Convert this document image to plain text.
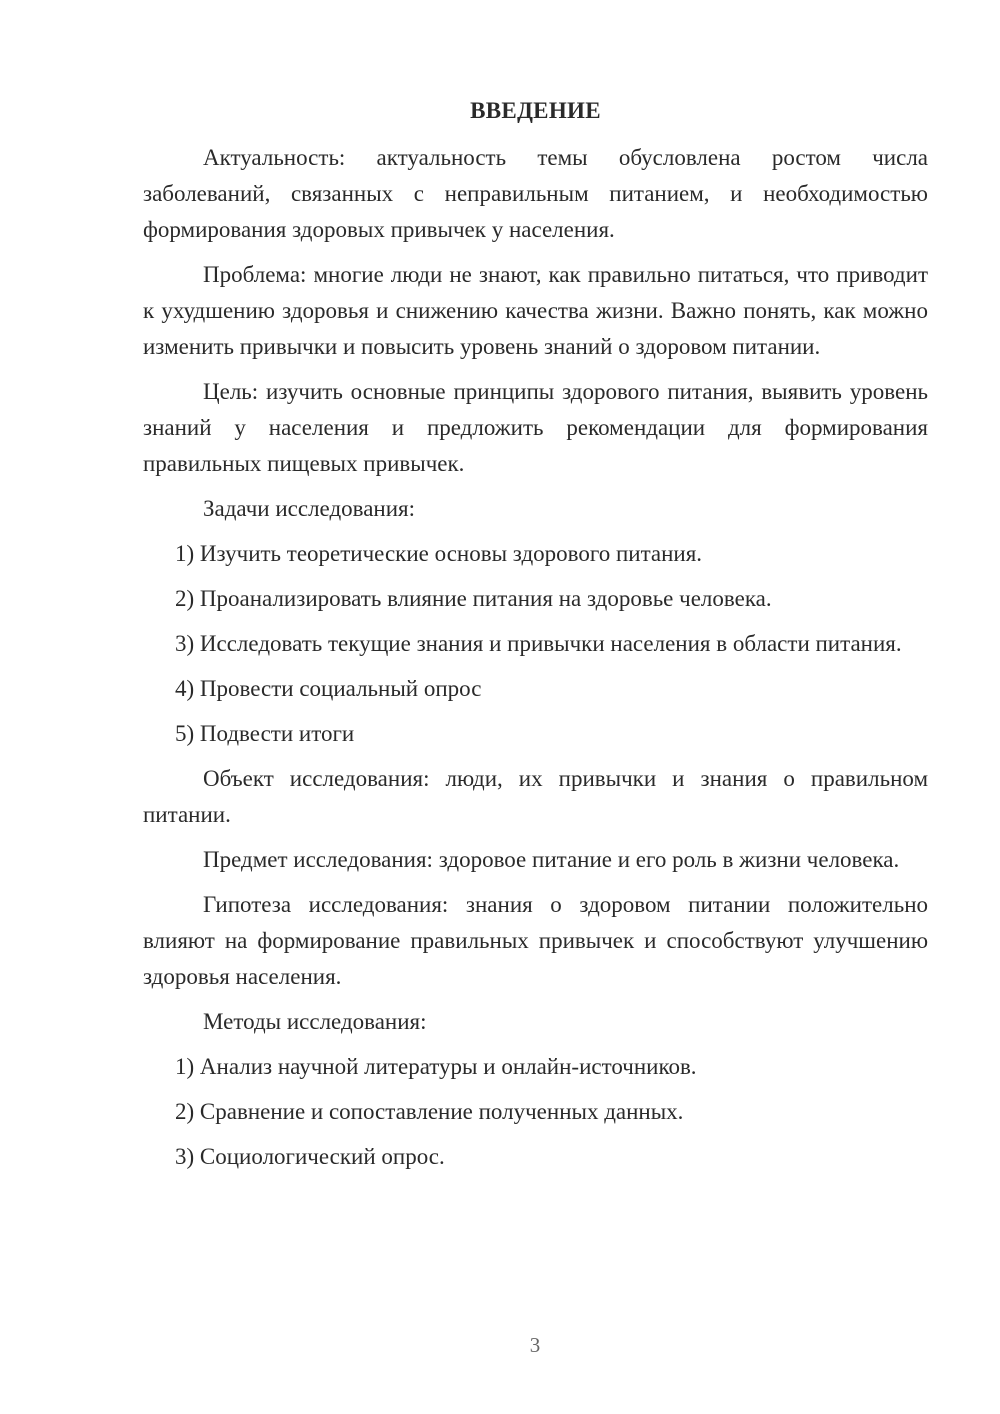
ВВЕДЕНИЕ

Актуальность: актуальность темы обусловлена ростом числа заболеваний, связанных с неправильным питанием, и необходимостью формирования здоровых привычек у населения.

Проблема: многие люди не знают, как правильно питаться, что приводит к ухудшению здоровья и снижению качества жизни. Важно понять, как можно изменить привычки и повысить уровень знаний о здоровом питании.

Цель: изучить основные принципы здорового питания, выявить уровень знаний у населения и предложить рекомендации для формирования правильных пищевых привычек.

Задачи исследования:

1) Изучить теоретические основы здорового питания.

2) Проанализировать влияние питания на здоровье человека.

3) Исследовать текущие знания и привычки населения в области питания.

4) Провести социальный опрос

5) Подвести итоги

Объект исследования: люди, их привычки и знания о правильном питании.

Предмет исследования: здоровое питание и его роль в жизни человека.

Гипотеза исследования: знания о здоровом питании положительно влияют на формирование правильных привычек и способствуют улучшению здоровья населения.

Методы исследования:

1) Анализ научной литературы и онлайн-источников.

2) Сравнение и сопоставление полученных данных.

3) Социологический опрос.

3
